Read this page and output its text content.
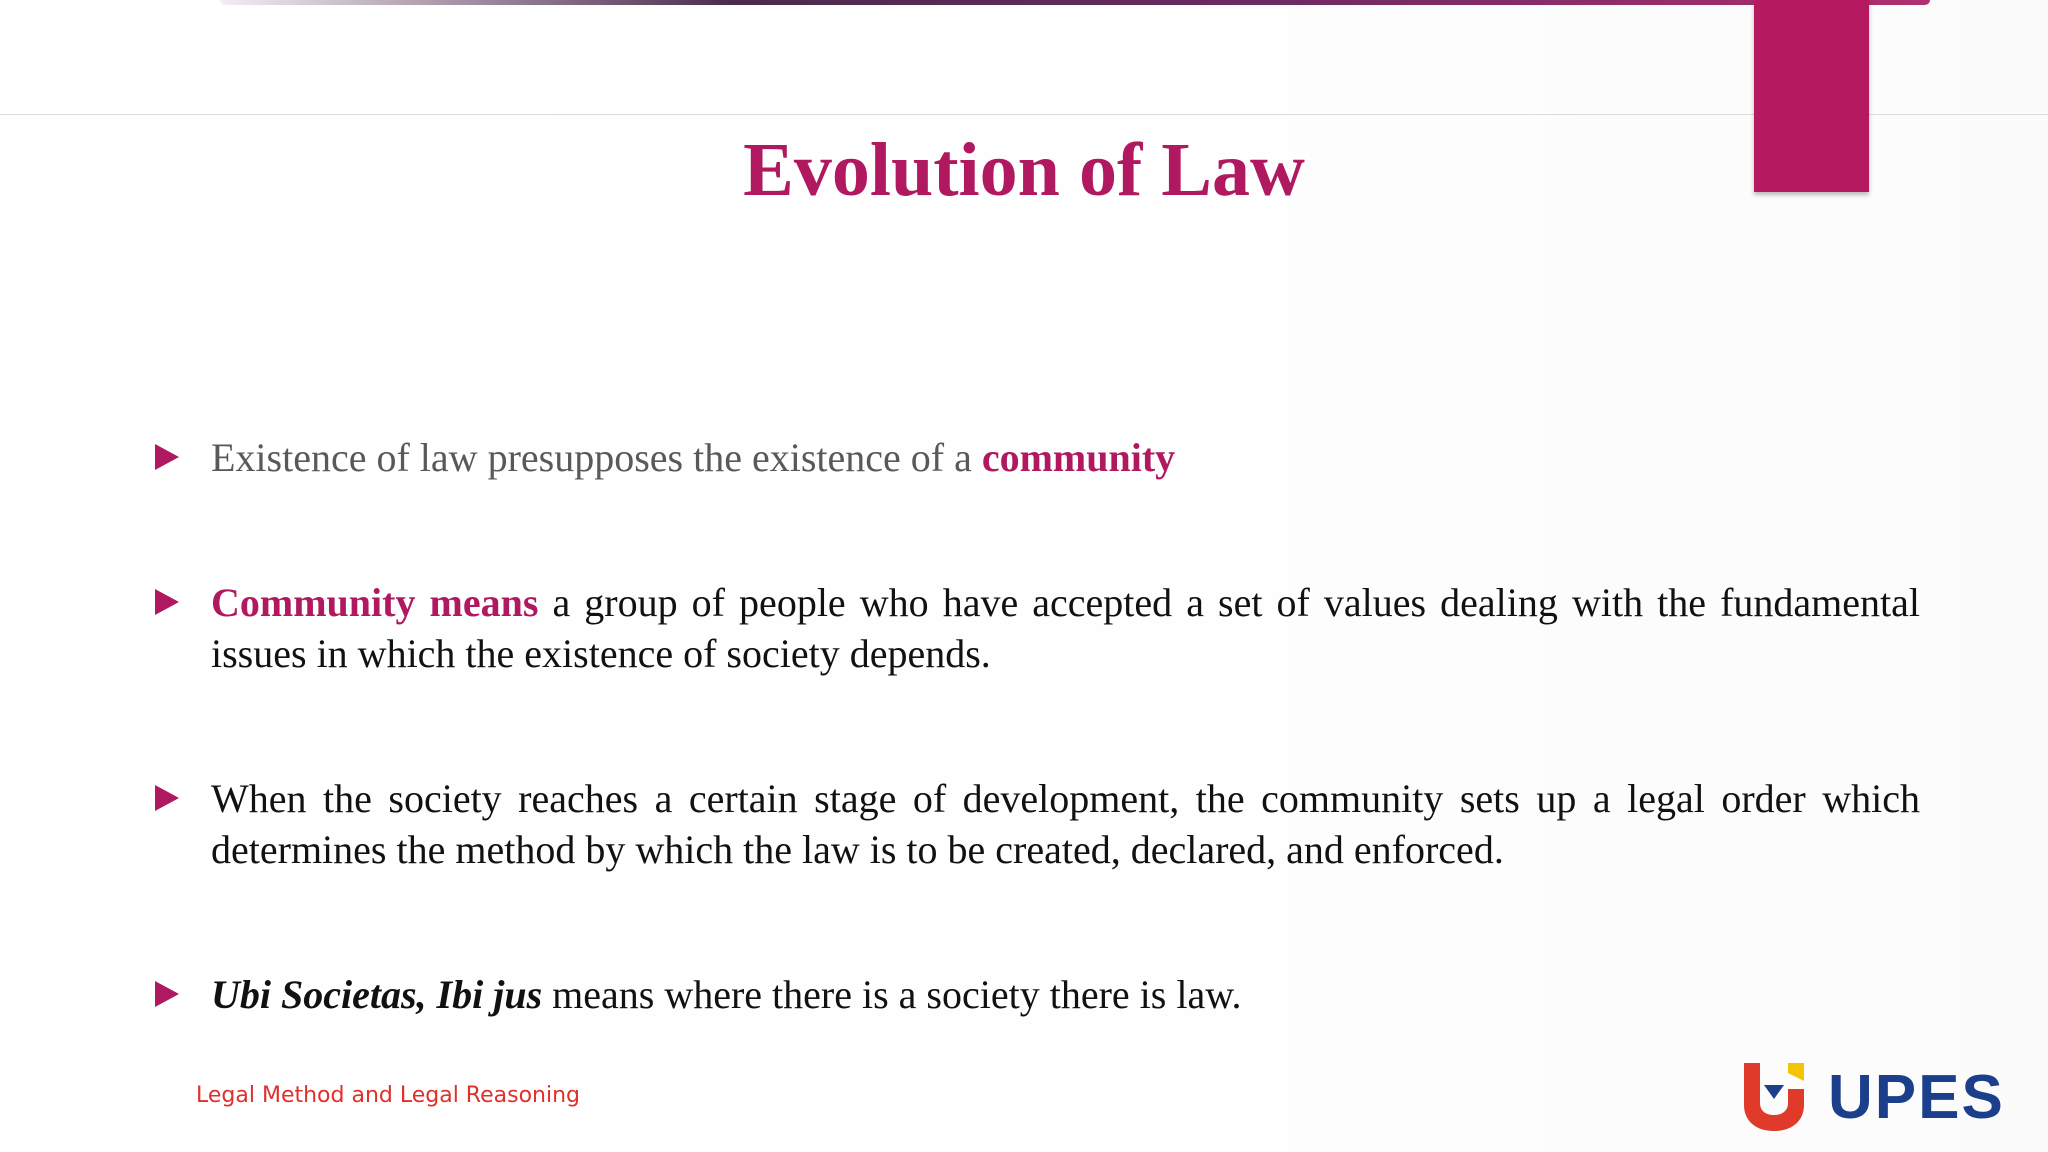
Evolution of Law
Existence of law presupposes the existence of a community
Community means a group of people who have accepted a set of values dealing with the fundamental issues in which the existence of society depends.
When the society reaches a certain stage of development, the community sets up a legal order which determines the method by which the law is to be created, declared, and enforced.
Ubi Societas, Ibi jus means where there is a society there is law.

Legal Method and Legal Reasoning	UPES
